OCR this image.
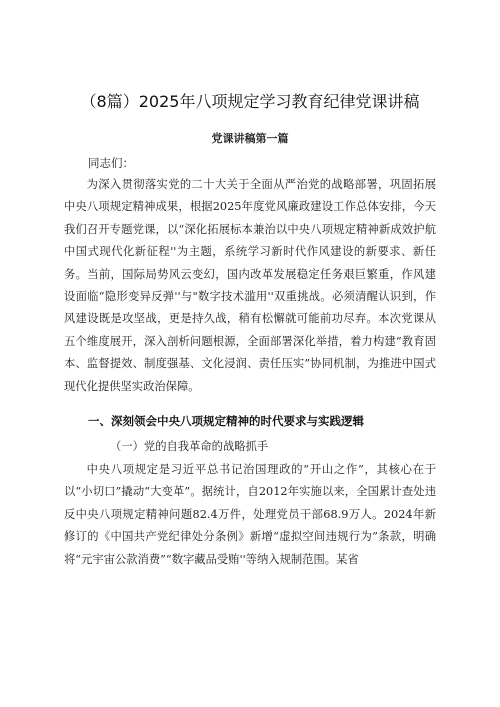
（8篇）2025年八项规定学习教育纪律党课讲稿
党课讲稿第一篇
同志们：

为深入贯彻落实党的二十大关于全面从严治党的战略部署，巩固拓展中央八项规定精神成果，根据2025年度党风廉政建设工作总体安排，今天我们召开专题党课，以“深化拓展标本兼治以中央八项规定精神新成效护航中国式现代化新征程''为主题，系统学习新时代作风建设的新要求、新任务。当前，国际局势风云变幻，国内改革发展稳定任务艰巨繁重，作风建设面临“隐形变异反弹''与"数字技术滥用''双重挑战。必须清醒认识到，作风建设既是攻坚战，更是持久战，稍有松懈就可能前功尽弃。本次党课从五个维度展开，深入剖析问题根源，全面部署深化举措，着力构建“教育固本、监督提效、制度强基、文化浸润、责任压实”协同机制，为推进中国式现代化提供坚实政治保障。

一、深刻领会中央八项规定精神的时代要求与实践逻辑
（一）党的自我革命的战略抓手

中央八项规定是习近平总书记治国理政的“开山之作”，其核心在于以“小切口”撬动“大变革”。据统计，自2012年实施以来，全国累计查处违反中央八项规定精神问题82.4万件，处理党员干部68.9万人。2024年新修订的《中国共产党纪律处分条例》新增“虚拟空间违规行为”条款，明确将“元宇宙公款消费”“数字藏品受贿''等纳入规制范围。某省
